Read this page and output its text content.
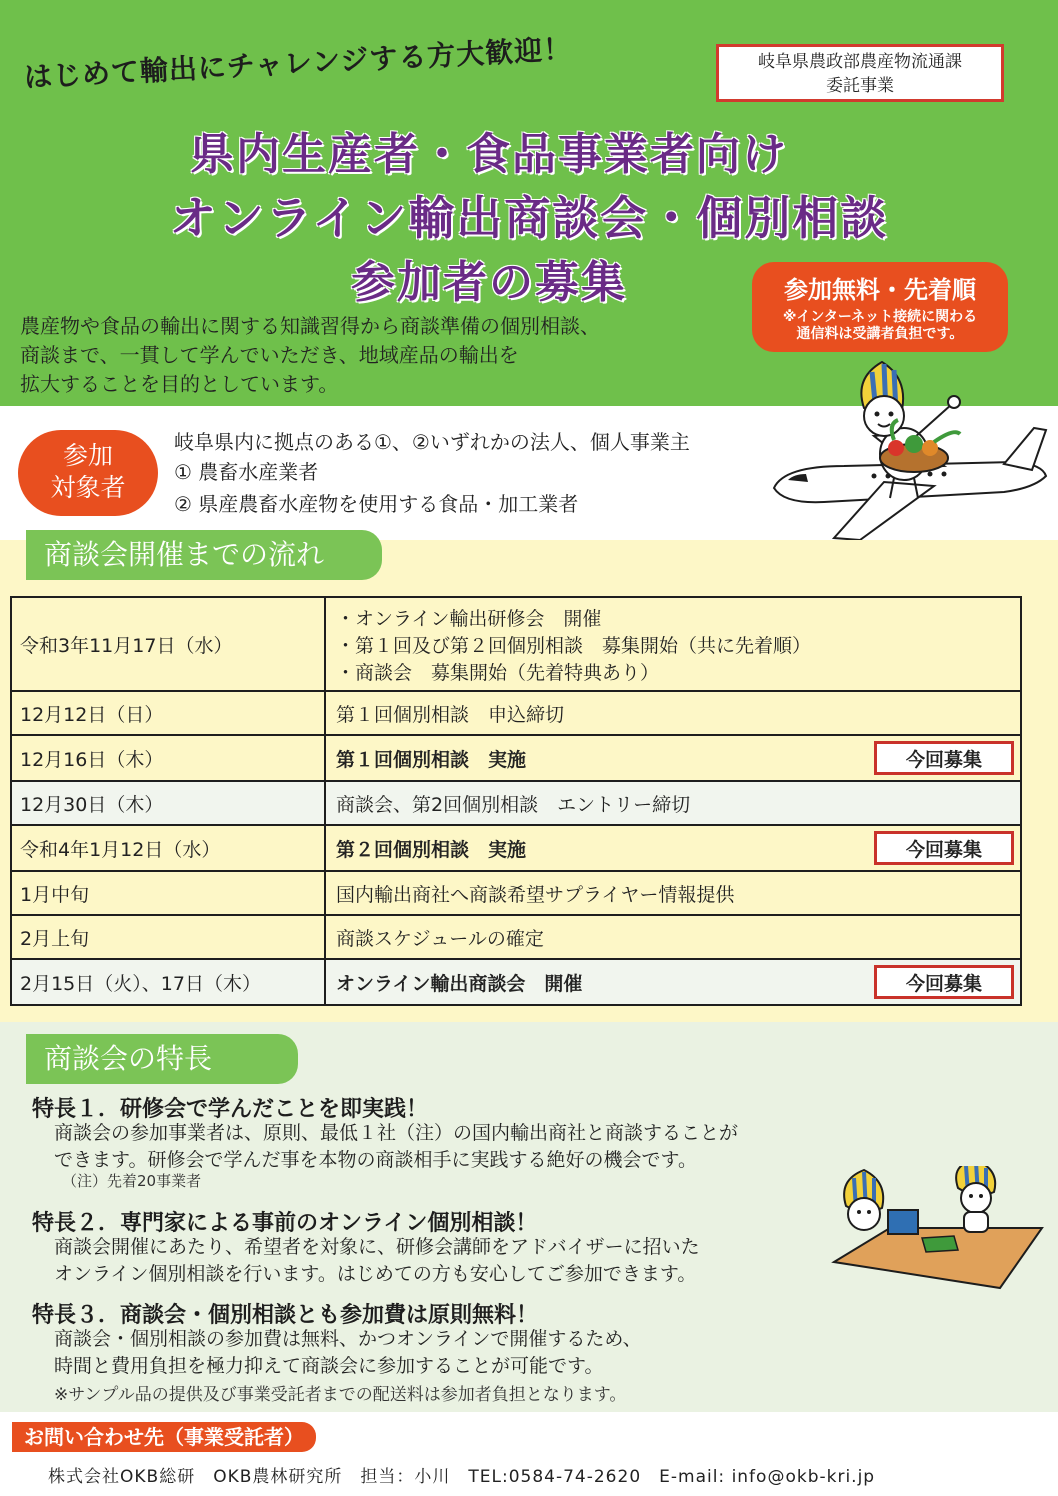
はじめて輸出にチャレンジする方大歓迎！	岐阜県農政部農産物流通課
委託事業
県内生産者・食品事業者向け
オンライン輸出商談会・個別相談
参加者の募集	参加無料・先着順
※インターネット接続に関わる
通信料は受講者負担です。
農産物や食品の輸出に関する知識習得から商談準備の個別相談、
商談まで、一貫して学んでいただき、地域産品の輸出を
拡大することを目的としています。
参加
対象者
岐阜県内に拠点のある①、②いずれかの法人、個人事業主
① 農畜水産業者
② 県産農畜水産物を使用する食品・加工業者
商談会開催までの流れ
令和3年11月17日（水）	・オンライン輸出研修会　開催
・第１回及び第２回個別相談　募集開始（共に先着順）
・商談会　募集開始（先着特典あり）

12月12日（日）	第１回個別相談　申込締切
12月16日（木）	第１回個別相談　実施 今回募集

12月30日（木）	商談会、第2回個別相談　エントリー締切
令和4年1月12日（水）	第２回個別相談　実施 今回募集

1月中旬	国内輸出商社へ商談希望サプライヤー情報提供
2月上旬	商談スケジュールの確定
2月15日（火）、17日（木）	オンライン輸出商談会　開催 今回募集
商談会の特長
特長１．研修会で学んだことを即実践！
商談会の参加事業者は、原則、最低１社（注）の国内輸出商社と商談することが
できます。研修会で学んだ事を本物の商談相手に実践する絶好の機会です。
（注）先着20事業者
特長２．専門家による事前のオンライン個別相談！
商談会開催にあたり、希望者を対象に、研修会講師をアドバイザーに招いた
オンライン個別相談を行います。はじめての方も安心してご参加できます。
特長３．商談会・個別相談とも参加費は原則無料！
商談会・個別相談の参加費は無料、かつオンラインで開催するため、
時間と費用負担を極力抑えて商談会に参加することが可能です。
※サンプル品の提供及び事業受託者までの配送料は参加者負担となります。
お問い合わせ先（事業受託者）
株式会社OKB総研　OKB農林研究所　担当：小川　TEL:0584-74-2620　E-mail: info@okb-kri.jp
